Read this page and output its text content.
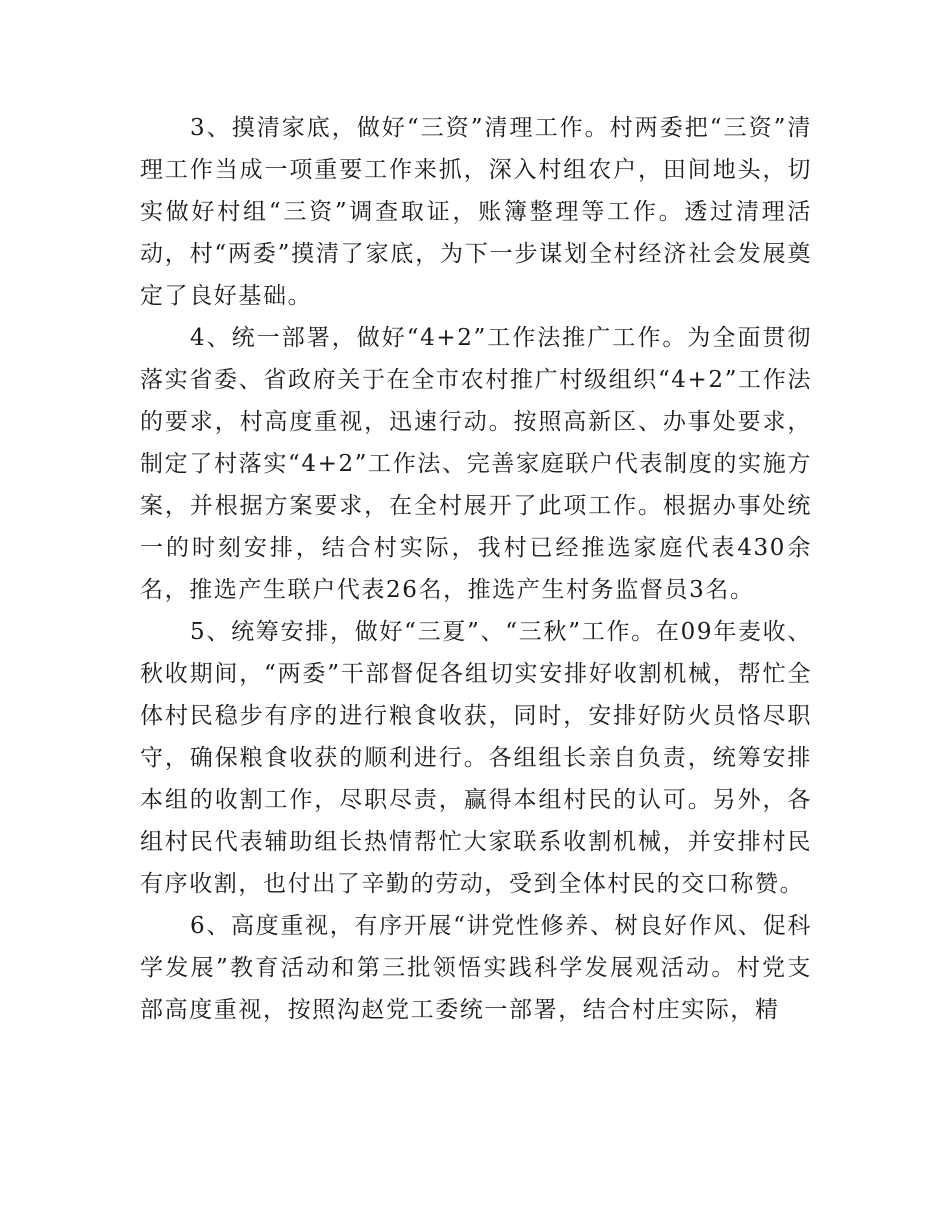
3、摸清家底，做好“三资”清理工作。村两委把“三资”清理工作当成一项重要工作来抓，深入村组农户，田间地头，切实做好村组“三资”调查取证，账簿整理等工作。透过清理活动，村“两委”摸清了家底，为下一步谋划全村经济社会发展奠定了良好基础。

4、统一部署，做好“4+2”工作法推广工作。为全面贯彻落实省委、省政府关于在全市农村推广村级组织“4+2”工作法的要求，村高度重视，迅速行动。按照高新区、办事处要求，制定了村落实“4+2”工作法、完善家庭联户代表制度的实施方案，并根据方案要求，在全村展开了此项工作。根据办事处统一的时刻安排，结合村实际，我村已经推选家庭代表430余名，推选产生联户代表26名，推选产生村务监督员3名。

5、统筹安排，做好“三夏”、“三秋”工作。在09年麦收、秋收期间，“两委”干部督促各组切实安排好收割机械，帮忙全体村民稳步有序的进行粮食收获，同时，安排好防火员恪尽职守，确保粮食收获的顺利进行。各组组长亲自负责，统筹安排本组的收割工作，尽职尽责，赢得本组村民的认可。另外，各组村民代表辅助组长热情帮忙大家联系收割机械，并安排村民有序收割，也付出了辛勤的劳动，受到全体村民的交口称赞。

6、高度重视，有序开展“讲党性修养、树良好作风、促科学发展”教育活动和第三批领悟实践科学发展观活动。村党支部高度重视，按照沟赵党工委统一部署，结合村庄实际，精
